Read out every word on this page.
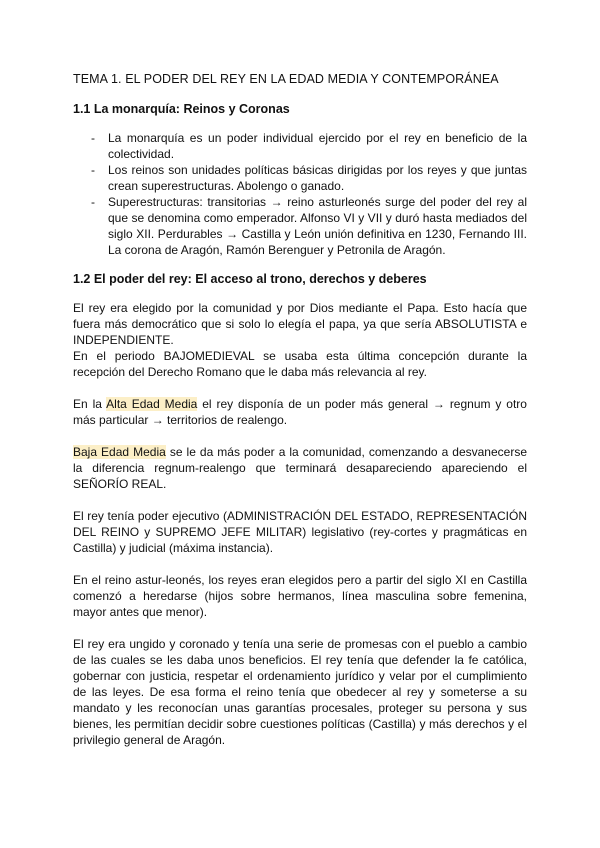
TEMA 1. EL PODER DEL REY EN LA EDAD MEDIA Y CONTEMPORÁNEA
1.1 La monarquía: Reinos y Coronas
- La monarquía es un poder individual ejercido por el rey en beneficio de la colectividad.
- Los reinos son unidades políticas básicas dirigidas por los reyes y que juntas crean superestructuras. Abolengo o ganado.
- Superestructuras: transitorias → reino asturleonés surge del poder del rey al que se denomina como emperador. Alfonso VI y VII y duró hasta mediados del siglo XII. Perdurables → Castilla y León unión definitiva en 1230, Fernando III. La corona de Aragón, Ramón Berenguer y Petronila de Aragón.
1.2 El poder del rey: El acceso al trono, derechos y deberes

El rey era elegido por la comunidad y por Dios mediante el Papa. Esto hacía que fuera más democrático que si solo lo elegía el papa, ya que sería ABSOLUTISTA e INDEPENDIENTE.

En el periodo BAJOMEDIEVAL se usaba esta última concepción durante la recepción del Derecho Romano que le daba más relevancia al rey.

En la Alta Edad Media el rey disponía de un poder más general → regnum y otro más particular → territorios de realengo.

Baja Edad Media se le da más poder a la comunidad, comenzando a desvanecerse la diferencia regnum-realengo que terminará desapareciendo apareciendo el SEÑORÍO REAL.

El rey tenía poder ejecutivo (ADMINISTRACIÓN DEL ESTADO, REPRESENTACIÓN DEL REINO y SUPREMO JEFE MILITAR) legislativo (rey-cortes y pragmáticas en Castilla) y judicial (máxima instancia).

En el reino astur-leonés, los reyes eran elegidos pero a partir del siglo XI en Castilla comenzó a heredarse (hijos sobre hermanos, línea masculina sobre femenina, mayor antes que menor).

El rey era ungido y coronado y tenía una serie de promesas con el pueblo a cambio de las cuales se les daba unos beneficios. El rey tenía que defender la fe católica, gobernar con justicia, respetar el ordenamiento jurídico y velar por el cumplimiento de las leyes. De esa forma el reino tenía que obedecer al rey y someterse a su mandato y les reconocían unas garantías procesales, proteger su persona y sus bienes, les permitían decidir sobre cuestiones políticas (Castilla) y más derechos y el privilegio general de Aragón.
